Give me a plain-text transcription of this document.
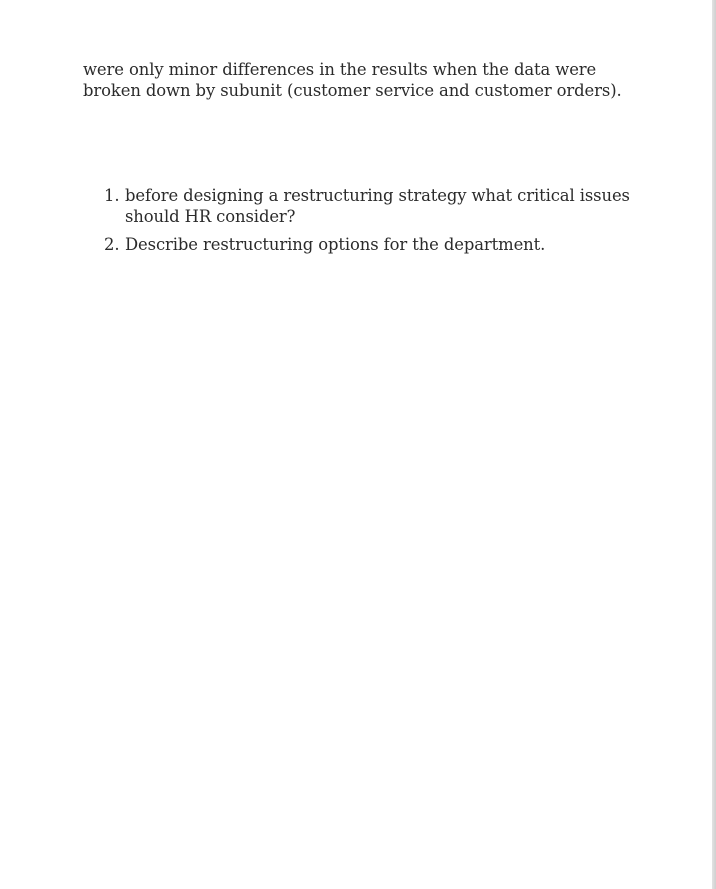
were only minor differences in the results when the data were broken down by subunit (customer service and customer orders).

1. before designing a restructuring strategy what critical issues should HR consider?
2. Describe restructuring options for the department.
